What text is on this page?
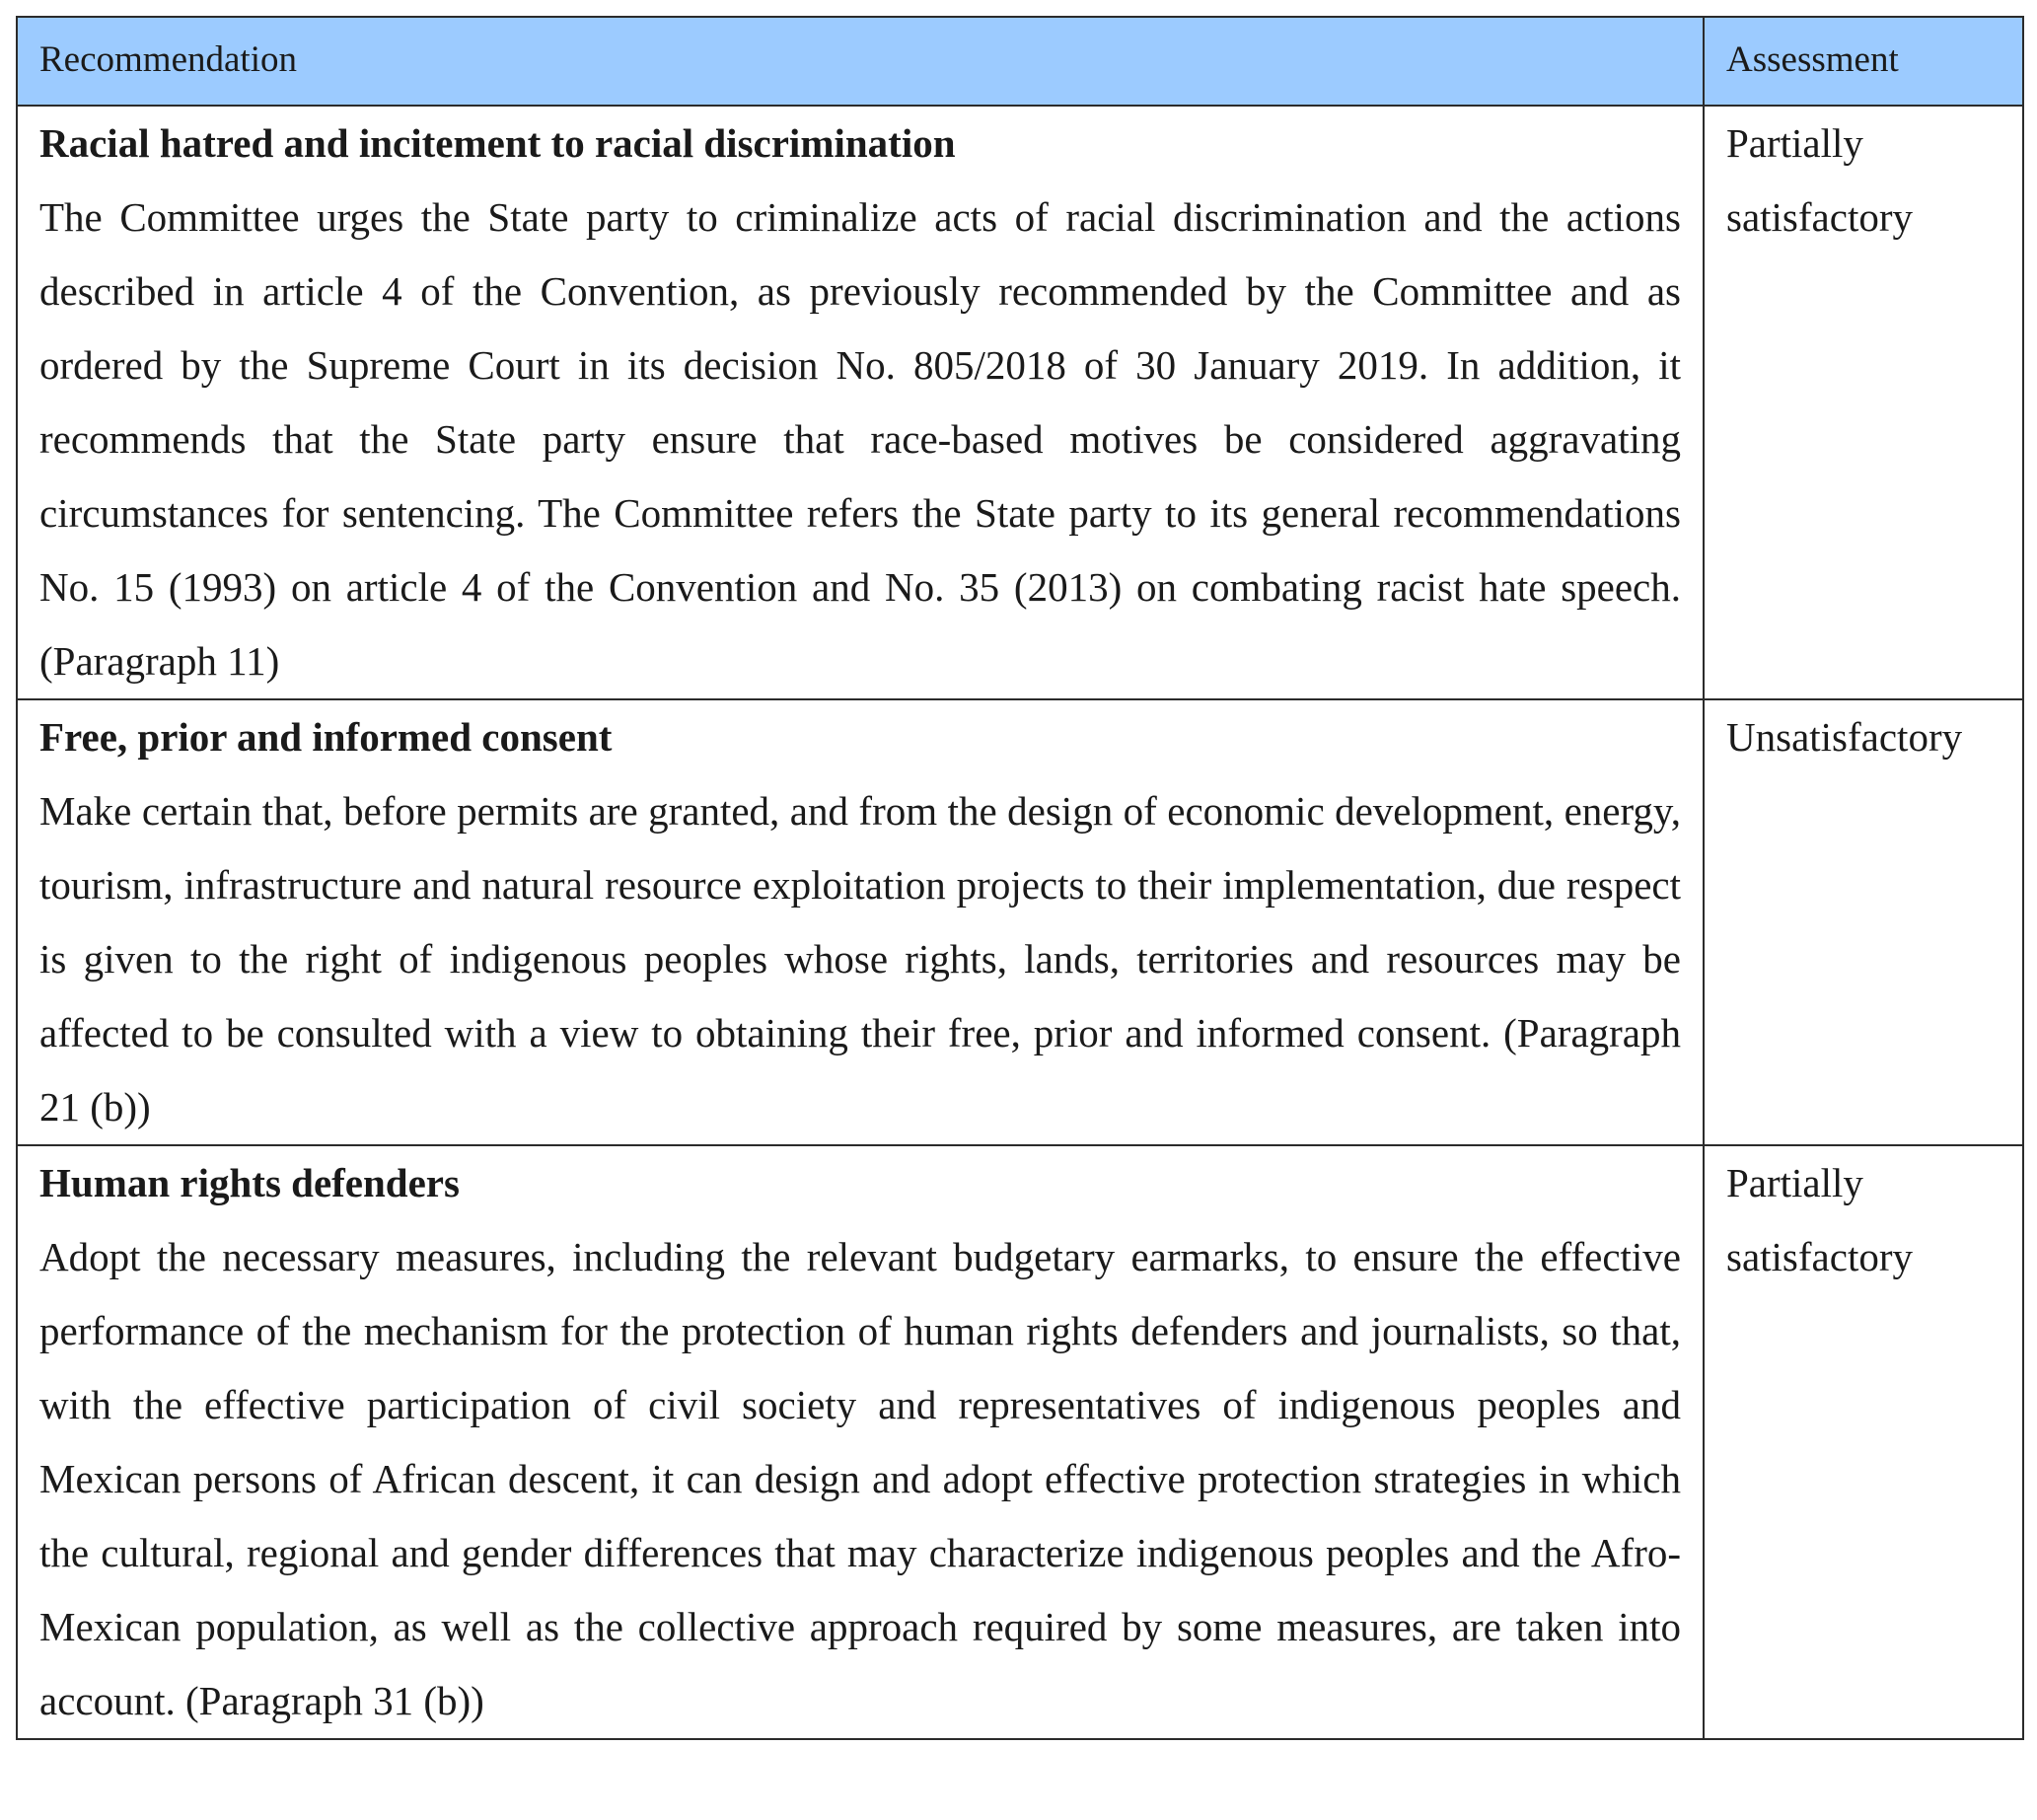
Recommendation	Assessment

Racial hatred and incitement to racial discrimination
The Committee urges the State party to criminalize acts of racial discrimination and the actions described in article 4 of the Convention, as previously recommended by the Committee and as ordered by the Supreme Court in its decision No. 805/2018 of 30 January 2019. In addition, it recommends that the State party ensure that race-based motives be considered aggravating circumstances for sentencing. The Committee refers the State party to its general recommendations No. 15 (1993) on article 4 of the Convention and No. 35 (2013) on combating racist hate speech. (Paragraph 11)	Partially satisfactory

Free, prior and informed consent
Make certain that, before permits are granted, and from the design of economic development, energy, tourism, infrastructure and natural resource exploitation projects to their implementation, due respect is given to the right of indigenous peoples whose rights, lands, territories and resources may be affected to be consulted with a view to obtaining their free, prior and informed consent. (Paragraph 21 (b))	Unsatisfactory

Human rights defenders
Adopt the necessary measures, including the relevant budgetary earmarks, to ensure the effective performance of the mechanism for the protection of human rights defenders and journalists, so that, with the effective participation of civil society and representatives of indigenous peoples and Mexican persons of African descent, it can design and adopt effective protection strategies in which the cultural, regional and gender differences that may characterize indigenous peoples and the Afro-Mexican population, as well as the collective approach required by some measures, are taken into account. (Paragraph 31 (b))	Partially satisfactory
